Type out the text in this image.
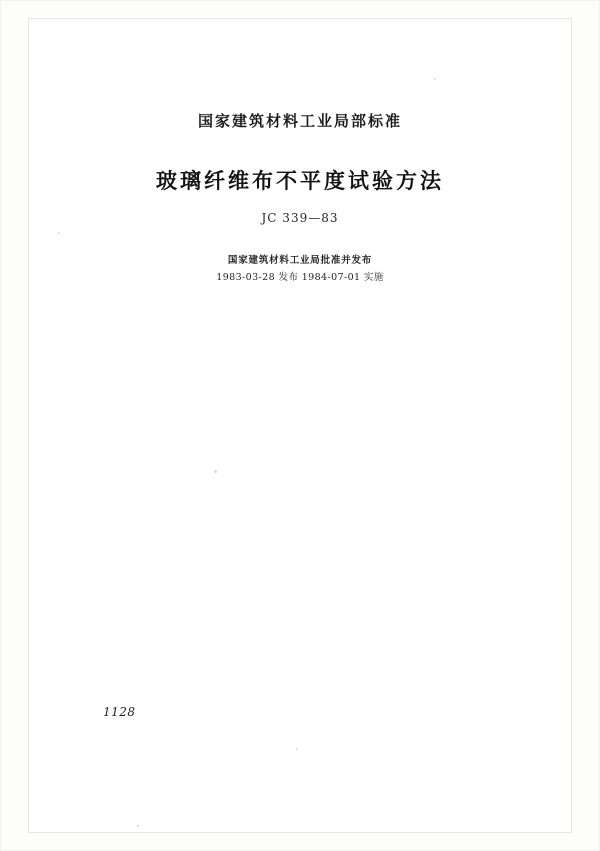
国家建筑材料工业局部标准

玻璃纤维布不平度试验方法

JC 339—83

国家建筑材料工业局批准并发布
1983-03-28 发布 1984-07-01 实施
1128
